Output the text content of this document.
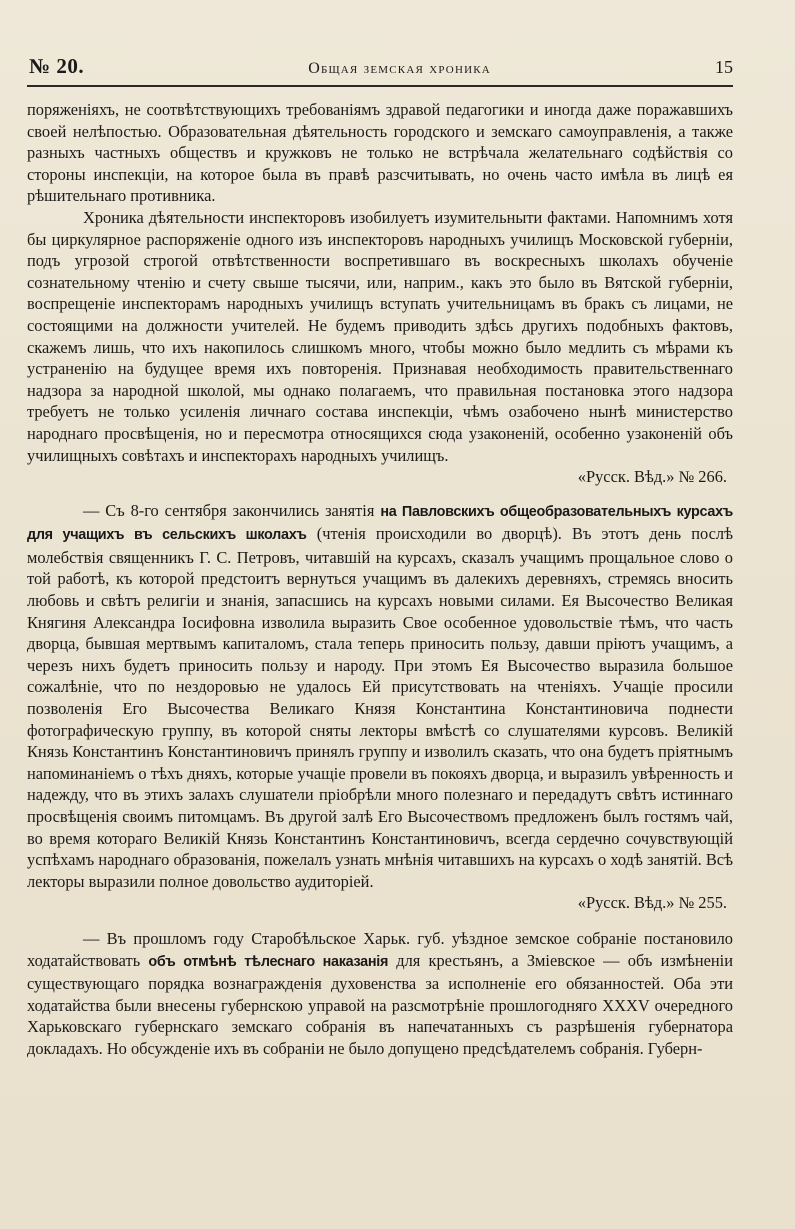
№ 20.	Общая земская хроника	15

поряженіяхъ, не соотвѣтствующихъ требованіямъ здравой педагогики и иногда даже поражавшихъ своей нелѣпостью. Образовательная дѣятельность городского и земскаго самоуправленія, а также разныхъ частныхъ обществъ и кружковъ не только не встрѣчала желательнаго содѣйствія со стороны инспекціи, на которое была въ правѣ разсчитывать, но очень часто имѣла въ лицѣ ея рѣшительнаго противника.

Хроника дѣятельности инспекторовъ изобилуетъ изумительныти фактами. Напомнимъ хотя бы циркулярное распоряженіе одного изъ инспекторовъ народныхъ училищъ Московской губерніи, подъ угрозой строгой отвѣтственности воспретившаго въ воскресныхъ школахъ обученіе сознательному чтенію и счету свыше тысячи, или, наприм., какъ это было въ Вятской губерніи, воспрещеніе инспекторамъ народныхъ училищъ вступать учительницамъ въ бракъ съ лицами, не состоящими на должности учителей. Не будемъ приводить здѣсь другихъ подобныхъ фактовъ, скажемъ лишь, что ихъ накопилось слишкомъ много, чтобы можно было медлить съ мѣрами къ устраненію на будущее время ихъ повторенія. Признавая необходимость правительственнаго надзора за народной школой, мы однако полагаемъ, что правильная постановка этого надзора требуетъ не только усиленія личнаго состава инспекціи, чѣмъ озабочено нынѣ министерство народнаго просвѣщенія, но и пересмотра относящихся сюда узаконеній, особенно узаконеній объ училищныхъ совѣтахъ и инспекторахъ народныхъ училищъ.

«Русск. Вѣд.» № 266.

— Съ 8-го сентября закончились занятія на Павловскихъ общеобразовательныхъ курсахъ для учащихъ въ сельскихъ школахъ (чтенія происходили во дворцѣ). Въ этотъ день послѣ молебствія священникъ Г. С. Петровъ, читавшій на курсахъ, сказалъ учащимъ прощальное слово о той работѣ, къ которой предстоитъ вернуться учащимъ въ далекихъ деревняхъ, стремясь вносить любовь и свѣтъ религіи и знанія, запасшись на курсахъ новыми силами. Ея Высочество Великая Княгиня Александра Іосифовна изволила выразить Свое особенное удовольствіе тѣмъ, что часть дворца, бывшая мертвымъ капиталомъ, стала теперь приносить пользу, давши пріютъ учащимъ, а черезъ нихъ будетъ приносить пользу и народу. При этомъ Ея Высочество выразила большое сожалѣніе, что по нездоровью не удалось Ей присутствовать на чтеніяхъ. Учащіе просили позволенія Его Высочества Великаго Князя Константина Константиновича поднести фотографическую группу, въ которой сняты лекторы вмѣстѣ со слушателями курсовъ. Великій Князь Константинъ Константиновичъ принялъ группу и изволилъ сказать, что она будетъ пріятнымъ напоминаніемъ о тѣхъ дняхъ, которые учащіе провели въ покояхъ дворца, и выразилъ увѣренность и надежду, что въ этихъ залахъ слушатели пріобрѣли много полезнаго и передадутъ свѣтъ истиннаго просвѣщенія своимъ питомцамъ. Въ другой залѣ Его Высочествомъ предложенъ былъ гостямъ чай, во время котораго Великій Князь Константинъ Константиновичъ, всегда сердечно сочувствующій успѣхамъ народнаго образованія, пожелалъ узнать мнѣнія читавшихъ на курсахъ о ходѣ занятій. Всѣ лекторы выразили полное довольство аудиторіей.

«Русск. Вѣд.» № 255.

— Въ прошломъ году Старобѣльское Харьк. губ. уѣздное земское собраніе постановило ходатайствовать объ отмѣнѣ тѣлеснаго наказанія для крестьянъ, а Зміевское — объ измѣненіи существующаго порядка вознагражденія духовенства за исполненіе его обязанностей. Оба эти ходатайства были внесены губернскою управой на разсмотрѣніе прошлогодняго XXXV очередного Харьковскаго губернскаго земскаго собранія въ напечатанныхъ съ разрѣшенія губернатора докладахъ. Но обсужденіе ихъ въ собраніи не было допущено предсѣдателемъ собранія. Губерн-
